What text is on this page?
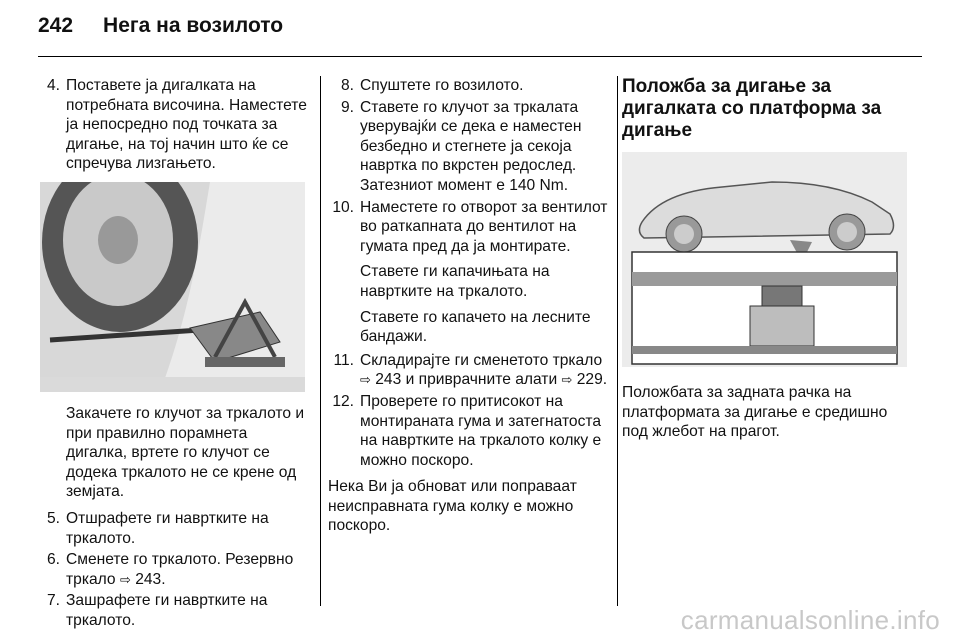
242 Нега на возилото
4. Поставете ја дигалката на потребната височина. Наместете ја непосредно под точката за дигање, на тој начин што ќе се спречува лизгањето.
Закачете го клучот за тркалото и при правилно порамнета дигалка, вртете го клучот се додека тркалото не се крене од земјата.
5. Отшрафете ги навртките на тркалото.
6. Сменете го тркалото. Резервно тркало ⇨ 243.
7. Зашрафете ги навртките на тркалото.
8. Спуштете го возилото.
9. Ставете го клучот за тркалата уверувајќи се дека е наместен безбедно и стегнете ја секоја навртка по вкрстен редослед. Затезниот момент е 140 Nm.
10. Наместете го отворот за вентилот во раткапната до вентилот на гумата пред да ја монтирате.
Ставете ги капачињата на навртките на тркалото.
Ставете го капачето на лесните бандажи.
11. Складирајте ги сменетото тркало ⇨ 243 и приврачните алати ⇨ 229.
12. Проверете го притисокот на монтираната гума и затегнатоста на навртките на тркалото колку е можно поскоро.
Нека Ви ја обноват или поправаат неисправната гума колку е можно поскоро.
Положба за дигање за дигалката со платформа за дигање
Положбата за задната рачка на платформата за дигање е средишно под жлебот на прагот.
carmanualsonline.info
